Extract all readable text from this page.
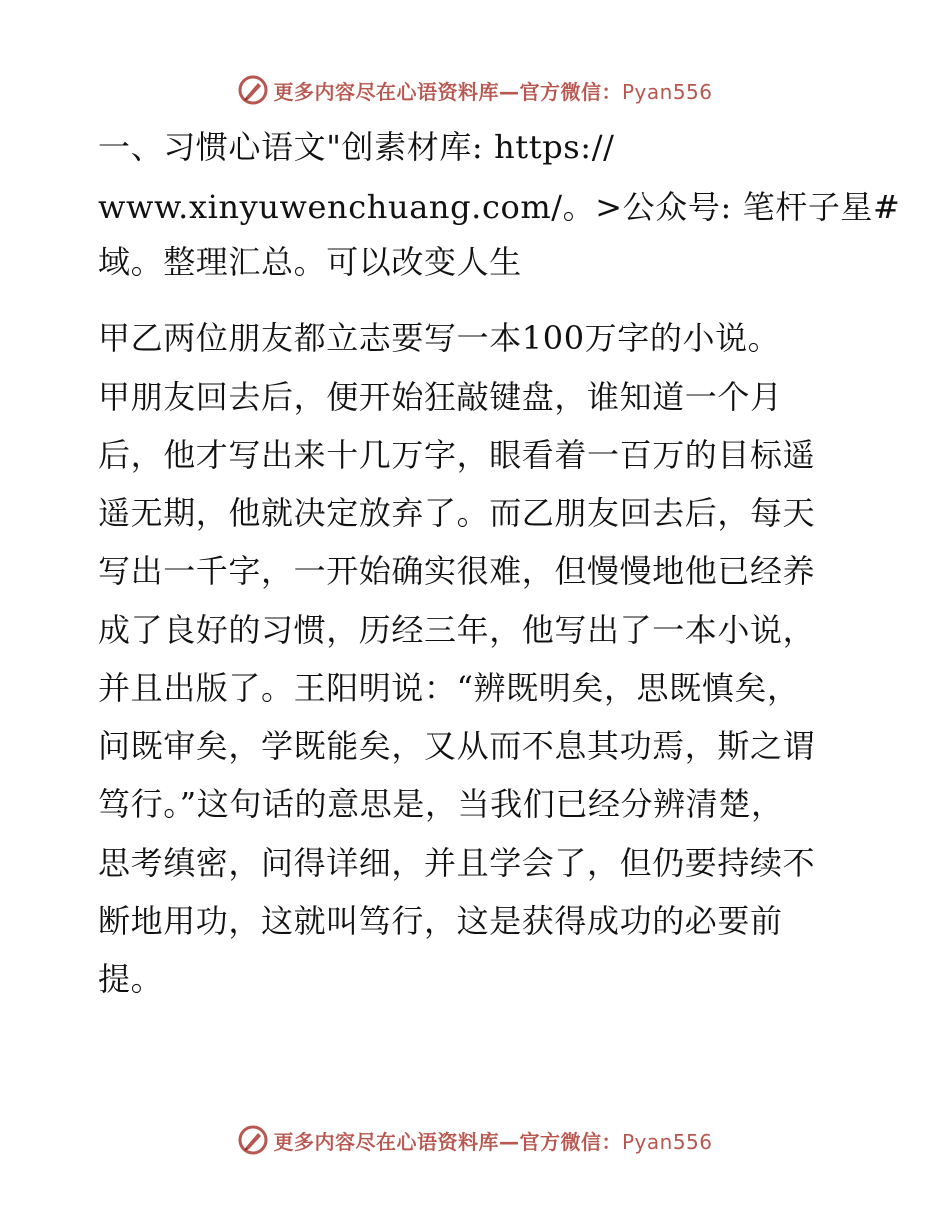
更多内容尽在心语资料库—官方微信：Pyan556
一、习惯心语文"创素材库: https://
www.xinyuwenchuang.com/。>公众号: 笔杆子星#
域。整理汇总。可以改变人生
甲乙两位朋友都立志要写一本100万字的小说。
甲朋友回去后，便开始狂敲键盘，谁知道一个月
后，他才写出来十几万字，眼看着一百万的目标遥
遥无期，他就决定放弃了。而乙朋友回去后，每天
写出一千字，一开始确实很难，但慢慢地他已经养
成了良好的习惯，历经三年，他写出了一本小说，
并且出版了。王阳明说：“辨既明矣，思既慎矣，
问既审矣，学既能矣，又从而不息其功焉，斯之谓
笃行。”这句话的意思是，当我们已经分辨清楚，
思考缜密，问得详细，并且学会了，但仍要持续不
断地用功，这就叫笃行，这是获得成功的必要前
提。
更多内容尽在心语资料库—官方微信：Pyan556
